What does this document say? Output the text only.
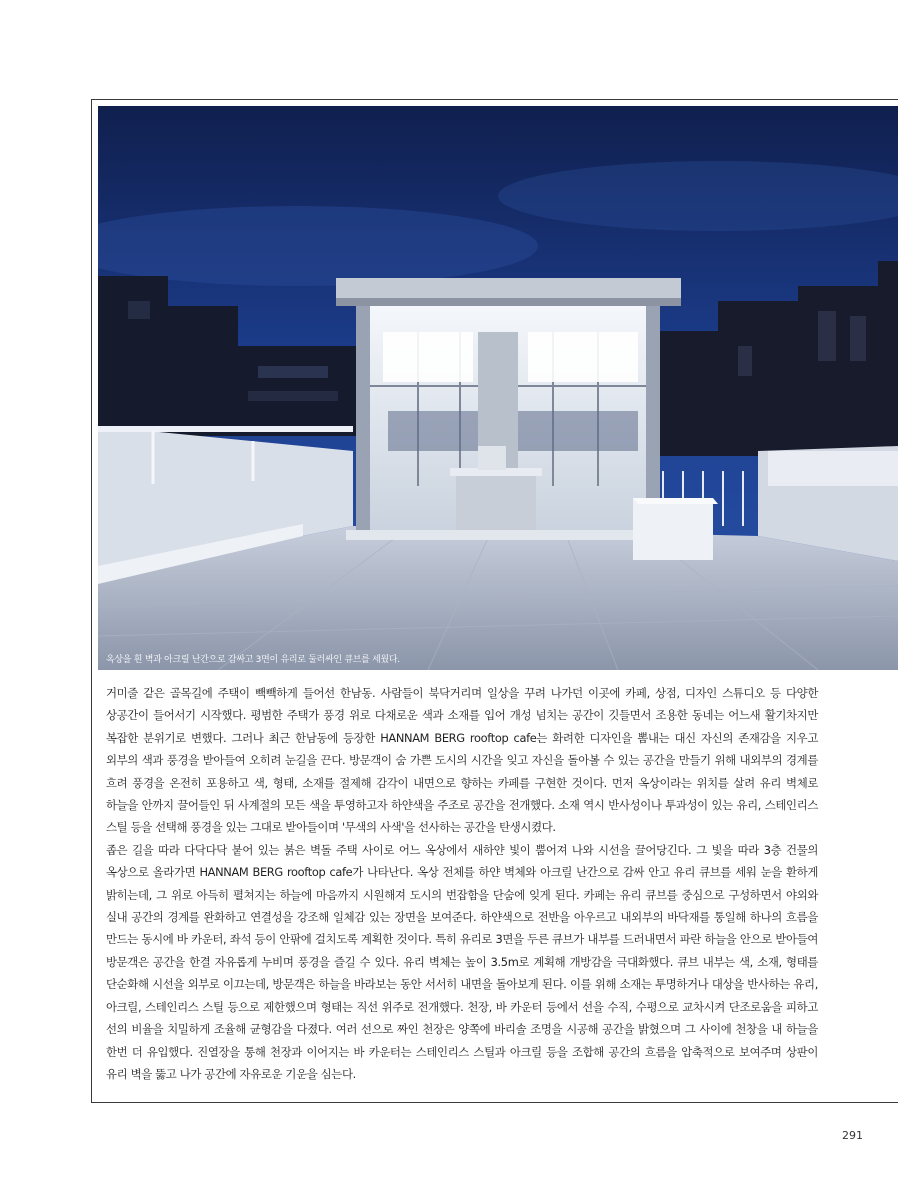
옥상을 흰 벽과 아크릴 난간으로 감싸고 3면이 유리로 둘러싸인 큐브를 세웠다.

거미줄 같은 골목길에 주택이 빽빽하게 들어선 한남동. 사람들이 북닥거리며 일상을 꾸려 나가던 이곳에 카페, 상점, 디자인 스튜디오 등 다양한 상공간이 들어서기 시작했다. 평범한 주택가 풍경 위로 다채로운 색과 소재를 입어 개성 넘치는 공간이 깃들면서 조용한 동네는 어느새 활기차지만 복잡한 분위기로 변했다. 그러나 최근 한남동에 등장한 HANNAM BERG rooftop cafe는 화려한 디자인을 뽐내는 대신 자신의 존재감을 지우고 외부의 색과 풍경을 받아들여 오히려 눈길을 끈다. 방문객이 숨 가쁜 도시의 시간을 잊고 자신을 돌아볼 수 있는 공간을 만들기 위해 내외부의 경계를 흐려 풍경을 온전히 포용하고 색, 형태, 소재를 절제해 감각이 내면으로 향하는 카페를 구현한 것이다. 먼저 옥상이라는 위치를 살려 유리 벽체로 하늘을 안까지 끌어들인 뒤 사계절의 모든 색을 투영하고자 하얀색을 주조로 공간을 전개했다. 소재 역시 반사성이나 투과성이 있는 유리, 스테인리스 스틸 등을 선택해 풍경을 있는 그대로 받아들이며 '무색의 사색'을 선사하는 공간을 탄생시켰다.

좁은 길을 따라 다닥다닥 붙어 있는 붉은 벽돌 주택 사이로 어느 옥상에서 새하얀 빛이 뿜어져 나와 시선을 끌어당긴다. 그 빛을 따라 3층 건물의 옥상으로 올라가면 HANNAM BERG rooftop cafe가 나타난다. 옥상 전체를 하얀 벽체와 아크릴 난간으로 감싸 안고 유리 큐브를 세워 눈을 환하게 밝히는데, 그 위로 아득히 펼쳐지는 하늘에 마음까지 시원해져 도시의 번잡함을 단숨에 잊게 된다. 카페는 유리 큐브를 중심으로 구성하면서 야외와 실내 공간의 경계를 완화하고 연결성을 강조해 일체감 있는 장면을 보여준다. 하얀색으로 전반을 아우르고 내외부의 바닥재를 통일해 하나의 흐름을 만드는 동시에 바 카운터, 좌석 등이 안팎에 걸치도록 계획한 것이다. 특히 유리로 3면을 두른 큐브가 내부를 드러내면서 파란 하늘을 안으로 받아들여 방문객은 공간을 한결 자유롭게 누비며 풍경을 즐길 수 있다. 유리 벽체는 높이 3.5m로 계획해 개방감을 극대화했다. 큐브 내부는 색, 소재, 형태를 단순화해 시선을 외부로 이끄는데, 방문객은 하늘을 바라보는 동안 서서히 내면을 돌아보게 된다. 이를 위해 소재는 투명하거나 대상을 반사하는 유리, 아크릴, 스테인리스 스틸 등으로 제한했으며 형태는 직선 위주로 전개했다. 천장, 바 카운터 등에서 선을 수직, 수평으로 교차시켜 단조로움을 피하고 선의 비율을 치밀하게 조율해 균형감을 다졌다. 여러 선으로 짜인 천장은 양쪽에 바리솔 조명을 시공해 공간을 밝혔으며 그 사이에 천창을 내 하늘을 한번 더 유입했다. 진열장을 통해 천장과 이어지는 바 카운터는 스테인리스 스틸과 아크릴 등을 조합해 공간의 흐름을 압축적으로 보여주며 상판이 유리 벽을 뚫고 나가 공간에 자유로운 기운을 심는다.

291
